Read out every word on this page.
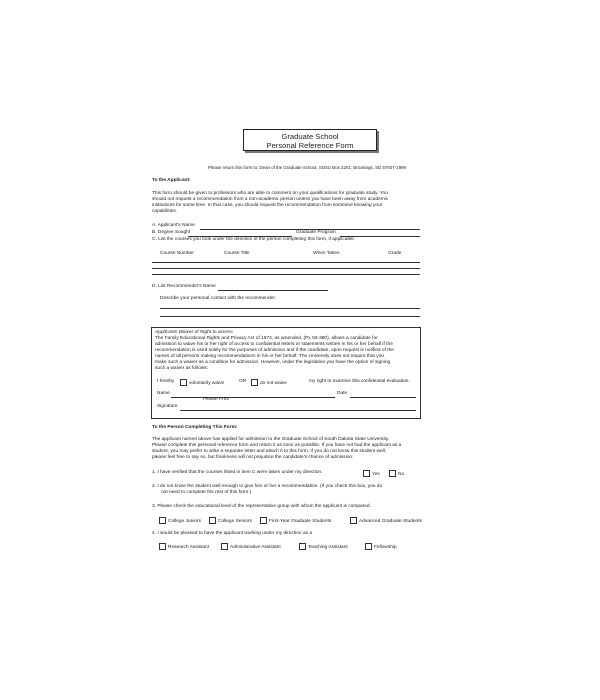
Graduate School
Personal Reference Form
Please return this form to: Dean of the Graduate School, SDSU Box 2201; Brookings, SD 57007-1999
To the Applicant:
This form should be given to professors who are able to comment on your qualifications for graduate study. You
should not request a recommendation from a non-academic person unless you have been away from academic
institutions for some time. In that case, you should request the recommendation from someone knowing your
capabilities.
A. Applicant's Name
B. Degree Sought	Graduate Program
C. List the courses you took under the direction of the person completing this form, if applicable.
Course Number	Course Title	When Taken	Grade
D. List Recommender's Name
Describe your personal contact with the recommender.
Applicants Waiver of Right to access
The Family Educational Rights and Privacy Act of 1974, as amended, (PL 93-380), allows a candidate for
admission to waive his or her right of access to confidential letters or statements written in his or her behalf if the
recommendation is used solely for the purposes of admission and if the candidate, upon request is notified of the
names of all persons making recommendations in his or her behalf. The University does not require that you
make such a waiver as a condition for admission. However, under the legislation you have the option of signing
such a waiver as follows:
I hereby	voluntarily waive	OR	do not waive	my right to examine this confidential evaluation.
Name	Date
Please Print
Signature
To the Person Completing This Form:
The applicant named above has applied for admission to the Graduate School of South Dakota State University.
Please complete this personal reference form and return it as soon as possible. If you have not had the applicant as a
student, you may prefer to write a separate letter and attach it to this form. If you do not know this student well,
please feel free to say so, but frankness will not prejudice the candidate's chance of admission.
1. I have verified that the courses listed in item C were taken under my direction.	Yes	No
2. I do not know the student well enough to give him or her a recommendation. (If you check this box, you do
not need to complete the rest of this form.)
3. Please check the educational level of the representative group with whom the applicant is compared.
College Juniors	College Seniors	First-Year Graduate Students	Advanced Graduate Students
4. I would be pleased to have the applicant working under my direction as a
Research Assistant	Administrative Assistant	Teaching Assistant	Fellowship
